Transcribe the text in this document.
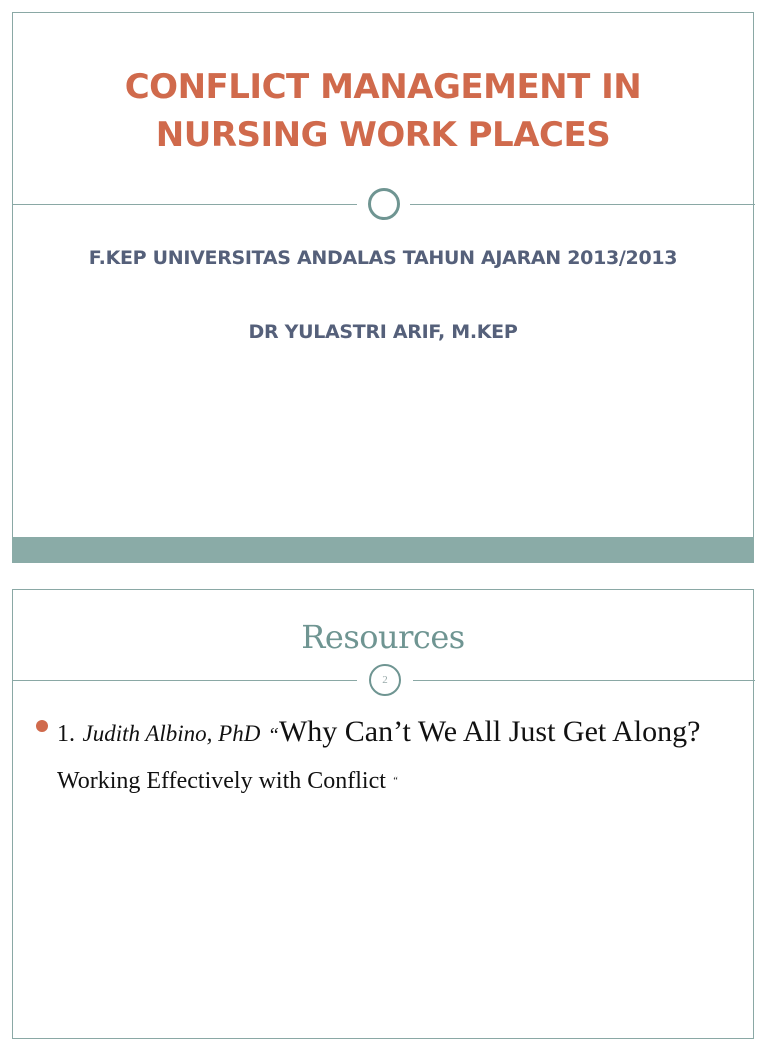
CONFLICT MANAGEMENT IN
NURSING WORK PLACES
F.KEP UNIVERSITAS ANDALAS TAHUN AJARAN 2013/2013
DR YULASTRI ARIF, M.KEP
Resources
2
1. Judith Albino, PhD “Why Can’t We All Just Get Along? Working Effectively with Conflict “
